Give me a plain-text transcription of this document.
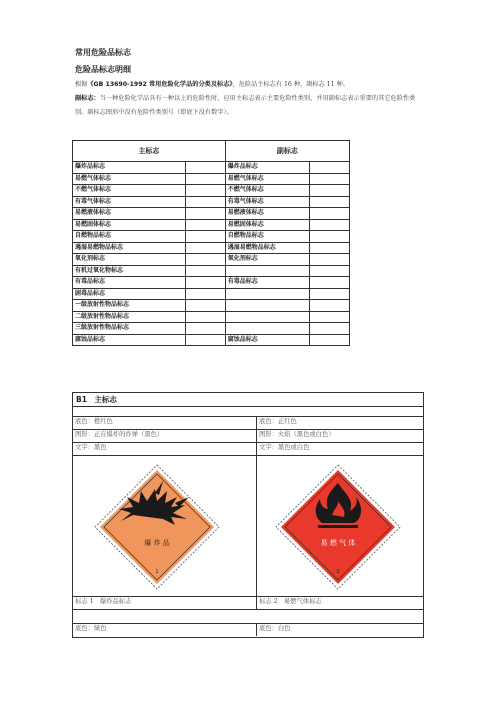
常用危险品标志
危险品标志明细
根据《GB 13690-1992 常用危险化学品的分类及标志》，危险品主标志有 16 种，副标志 11 种。
副标志：当一种危险化学品具有一种以上的危险性时，应用主标志表示主要危险性类别，并用副标志表示重要的其它危险性类别。副标志图形中没有危险性类别号（即底下没有数字）。
主标志		副标志	
爆炸品标志		爆炸品标志	
易燃气体标志		易燃气体标志	
不燃气体标志		不燃气体标志	
有毒气体标志		有毒气体标志	
易燃液体标志		易燃液体标志	
易燃固体标志		易燃固体标志	
自燃物品标志		自燃物品标志	
遇湿易燃物品标志		遇湿易燃物品标志	
氧化剂标志		氧化剂标志	
有机过氧化物标志			
有毒品标志		有毒品标志	
剧毒品标志			
一级放射性物品标志			
二级放射性物品标志			
三级放射性物品标志			
腐蚀品标志		腐蚀品标志	
B1　主标志
底色：橙红色	底色：正红色
图形：正在爆炸的炸弹（黑色）	图形：火焰（黑色或白色）
文字：黑色	文字：黑色或白色
爆 炸 品
1
易 燃 气 体
2
标志 1　爆炸品标志	标志 2　易燃气体标志
底色：绿色	底色：白色
